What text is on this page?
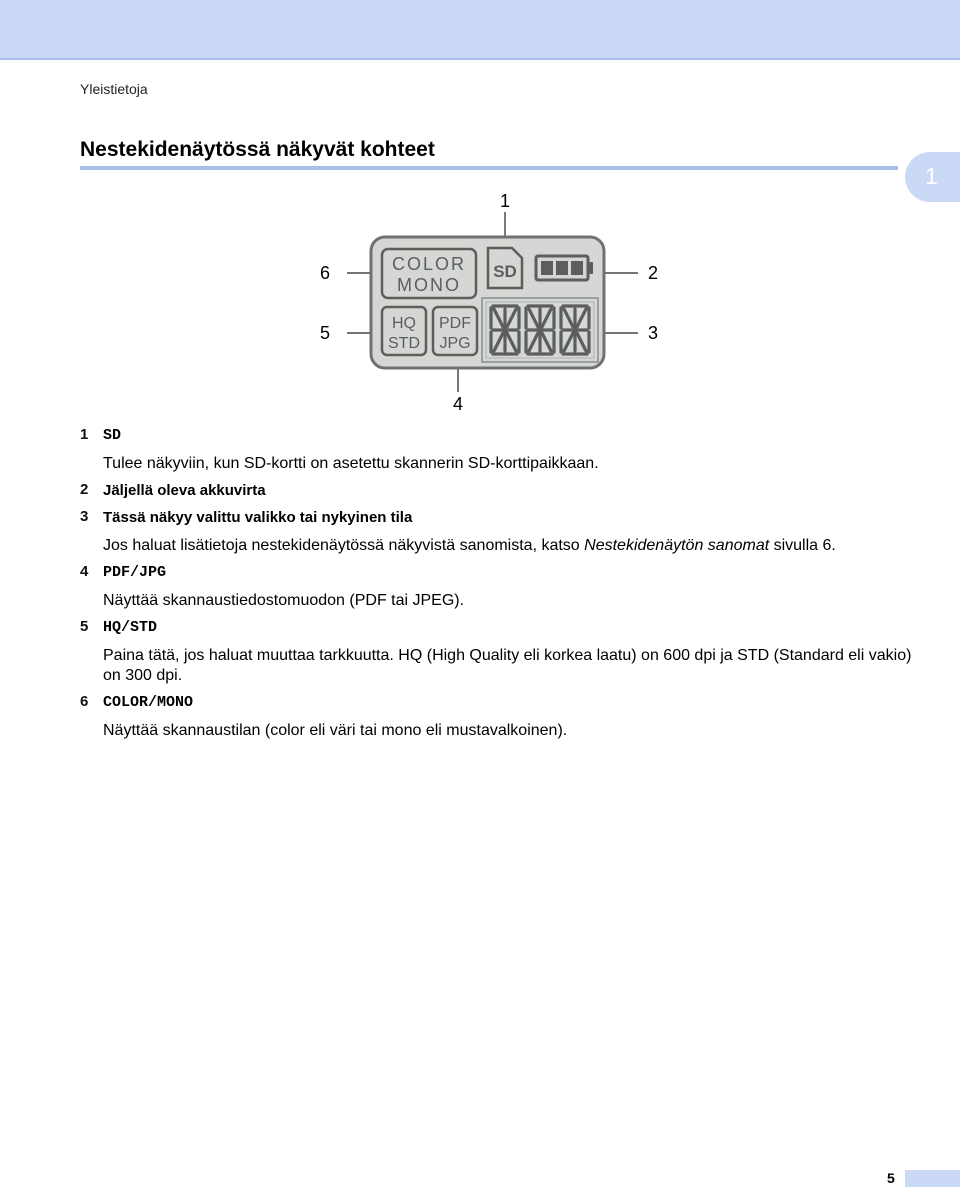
Yleistietoja
Nestekidenäytössä näkyvät kohteet
1
1
2
3
4
5
6	COLOR
MONO
SD
HQ
STD
PDF
JPG
1 SD
Tulee näkyviin, kun SD-kortti on asetettu skannerin SD-korttipaikkaan.
2 Jäljellä oleva akkuvirta
3 Tässä näkyy valittu valikko tai nykyinen tila
Jos haluat lisätietoja nestekidenäytössä näkyvistä sanomista, katso Nestekidenäytön sanomat sivulla 6.
4 PDF/JPG
Näyttää skannaustiedostomuodon (PDF tai JPEG).
5 HQ/STD
Paina tätä, jos haluat muuttaa tarkkuutta. HQ (High Quality eli korkea laatu) on 600 dpi ja STD (Standard eli vakio) on 300 dpi.
6 COLOR/MONO
Näyttää skannaustilan (color eli väri tai mono eli mustavalkoinen).
5
